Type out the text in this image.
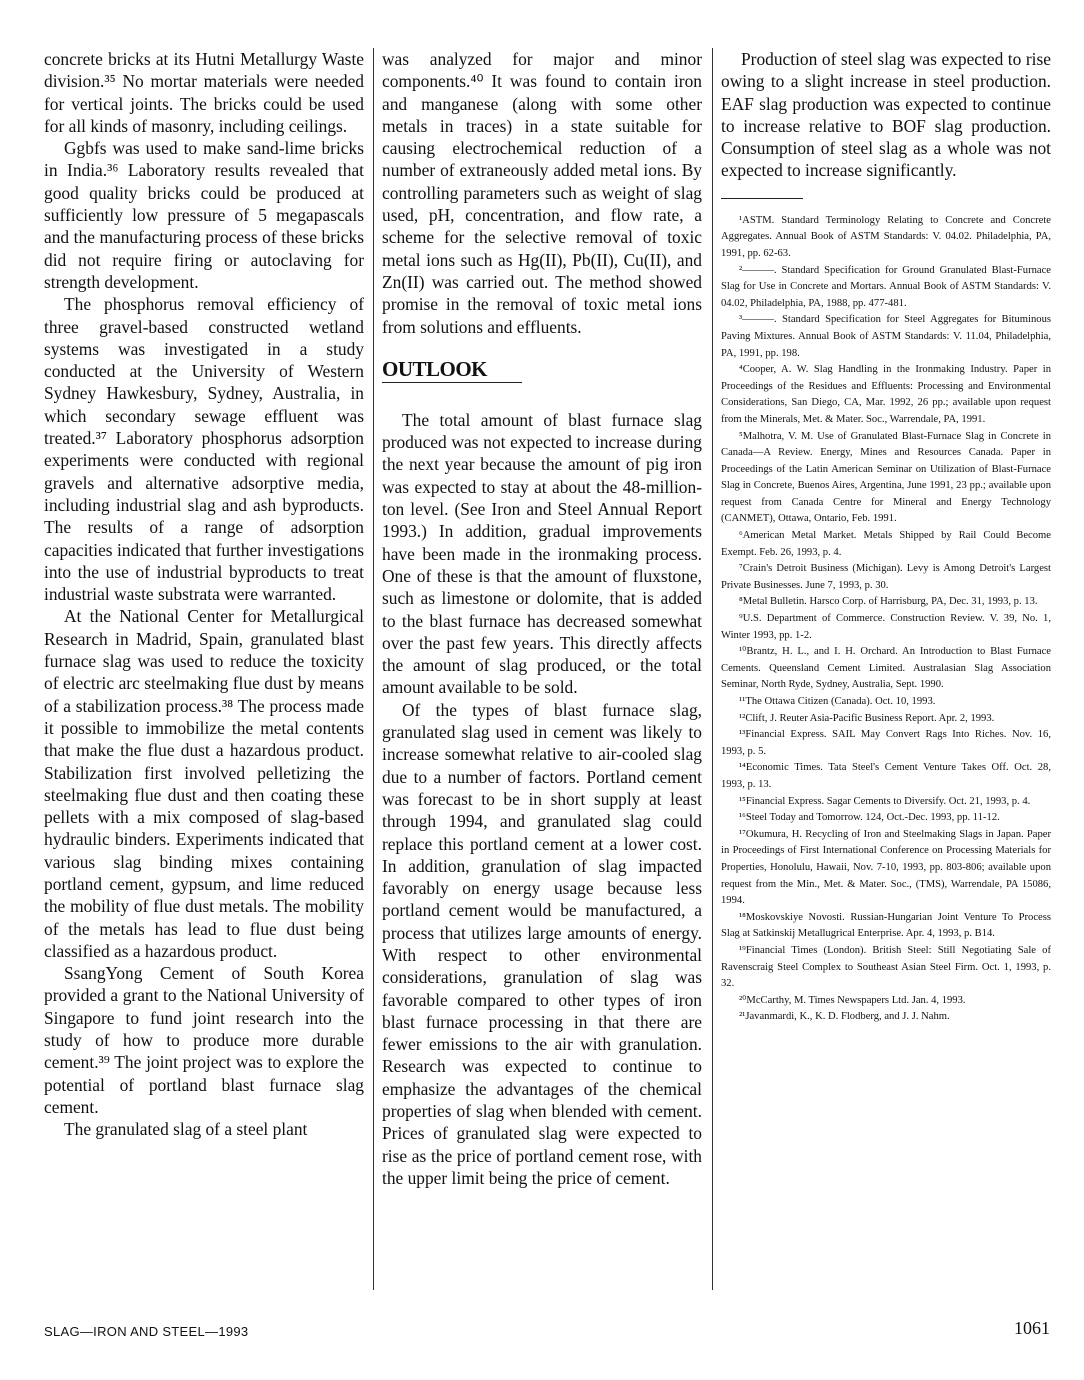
concrete bricks at its Hutni Metallurgy Waste division.³⁵ No mortar materials were needed for vertical joints. The bricks could be used for all kinds of masonry, including ceilings.

Ggbfs was used to make sand-lime bricks in India.³⁶ Laboratory results revealed that good quality bricks could be produced at sufficiently low pressure of 5 megapascals and the manufacturing process of these bricks did not require firing or autoclaving for strength development.

The phosphorus removal efficiency of three gravel-based constructed wetland systems was investigated in a study conducted at the University of Western Sydney Hawkesbury, Sydney, Australia, in which secondary sewage effluent was treated.³⁷ Laboratory phosphorus adsorption experiments were conducted with regional gravels and alternative adsorptive media, including industrial slag and ash byproducts. The results of a range of adsorption capacities indicated that further investigations into the use of industrial byproducts to treat industrial waste substrata were warranted.

At the National Center for Metallurgical Research in Madrid, Spain, granulated blast furnace slag was used to reduce the toxicity of electric arc steelmaking flue dust by means of a stabilization process.³⁸ The process made it possible to immobilize the metal contents that make the flue dust a hazardous product. Stabilization first involved pelletizing the steelmaking flue dust and then coating these pellets with a mix composed of slag-based hydraulic binders. Experiments indicated that various slag binding mixes containing portland cement, gypsum, and lime reduced the mobility of flue dust metals. The mobility of the metals has lead to flue dust being classified as a hazardous product.

SsangYong Cement of South Korea provided a grant to the National University of Singapore to fund joint research into the study of how to produce more durable cement.³⁹ The joint project was to explore the potential of portland blast furnace slag cement.

The granulated slag of a steel plant

was analyzed for major and minor components.⁴⁰ It was found to contain iron and manganese (along with some other metals in traces) in a state suitable for causing electrochemical reduction of a number of extraneously added metal ions. By controlling parameters such as weight of slag used, pH, concentration, and flow rate, a scheme for the selective removal of toxic metal ions such as Hg(II), Pb(II), Cu(II), and Zn(II) was carried out. The method showed promise in the removal of toxic metal ions from solutions and effluents.

OUTLOOK

The total amount of blast furnace slag produced was not expected to increase during the next year because the amount of pig iron was expected to stay at about the 48-million-ton level. (See Iron and Steel Annual Report 1993.) In addition, gradual improvements have been made in the ironmaking process. One of these is that the amount of fluxstone, such as limestone or dolomite, that is added to the blast furnace has decreased somewhat over the past few years. This directly affects the amount of slag produced, or the total amount available to be sold.

Of the types of blast furnace slag, granulated slag used in cement was likely to increase somewhat relative to air-cooled slag due to a number of factors. Portland cement was forecast to be in short supply at least through 1994, and granulated slag could replace this portland cement at a lower cost. In addition, granulation of slag impacted favorably on energy usage because less portland cement would be manufactured, a process that utilizes large amounts of energy. With respect to other environmental considerations, granulation of slag was favorable compared to other types of iron blast furnace processing in that there are fewer emissions to the air with granulation. Research was expected to continue to emphasize the advantages of the chemical properties of slag when blended with cement. Prices of granulated slag were expected to rise as the price of portland cement rose, with the upper limit being the price of cement.

Production of steel slag was expected to rise owing to a slight increase in steel production. EAF slag production was expected to continue to increase relative to BOF slag production. Consumption of steel slag as a whole was not expected to increase significantly.

¹ASTM. Standard Terminology Relating to Concrete and Concrete Aggregates. Annual Book of ASTM Standards: V. 04.02. Philadelphia, PA, 1991, pp. 62-63.

²———. Standard Specification for Ground Granulated Blast-Furnace Slag for Use in Concrete and Mortars. Annual Book of ASTM Standards: V. 04.02, Philadelphia, PA, 1988, pp. 477-481.

³———. Standard Specification for Steel Aggregates for Bituminous Paving Mixtures. Annual Book of ASTM Standards: V. 11.04, Philadelphia, PA, 1991, pp. 198.

⁴Cooper, A. W. Slag Handling in the Ironmaking Industry. Paper in Proceedings of the Residues and Effluents: Processing and Environmental Considerations, San Diego, CA, Mar. 1992, 26 pp.; available upon request from the Minerals, Met. & Mater. Soc., Warrendale, PA, 1991.

⁵Malhotra, V. M. Use of Granulated Blast-Furnace Slag in Concrete in Canada—A Review. Energy, Mines and Resources Canada. Paper in Proceedings of the Latin American Seminar on Utilization of Blast-Furnace Slag in Concrete, Buenos Aires, Argentina, June 1991, 23 pp.; available upon request from Canada Centre for Mineral and Energy Technology (CANMET), Ottawa, Ontario, Feb. 1991.

⁶American Metal Market. Metals Shipped by Rail Could Become Exempt. Feb. 26, 1993, p. 4.

⁷Crain's Detroit Business (Michigan). Levy is Among Detroit's Largest Private Businesses. June 7, 1993, p. 30.

⁸Metal Bulletin. Harsco Corp. of Harrisburg, PA, Dec. 31, 1993, p. 13.

⁹U.S. Department of Commerce. Construction Review. V. 39, No. 1, Winter 1993, pp. 1-2.

¹⁰Brantz, H. L., and I. H. Orchard. An Introduction to Blast Furnace Cements. Queensland Cement Limited. Australasian Slag Association Seminar, North Ryde, Sydney, Australia, Sept. 1990.

¹¹The Ottawa Citizen (Canada). Oct. 10, 1993.

¹²Clift, J. Reuter Asia-Pacific Business Report. Apr. 2, 1993.

¹³Financial Express. SAIL May Convert Rags Into Riches. Nov. 16, 1993, p. 5.

¹⁴Economic Times. Tata Steel's Cement Venture Takes Off. Oct. 28, 1993, p. 13.

¹⁵Financial Express. Sagar Cements to Diversify. Oct. 21, 1993, p. 4.

¹⁶Steel Today and Tomorrow. 124, Oct.-Dec. 1993, pp. 11-12.

¹⁷Okumura, H. Recycling of Iron and Steelmaking Slags in Japan. Paper in Proceedings of First International Conference on Processing Materials for Properties, Honolulu, Hawaii, Nov. 7-10, 1993, pp. 803-806; available upon request from the Min., Met. & Mater. Soc., (TMS), Warrendale, PA 15086, 1994.

¹⁸Moskovskiye Novosti. Russian-Hungarian Joint Venture To Process Slag at Satkinskij Metallugrical Enterprise. Apr. 4, 1993, p. B14.

¹⁹Financial Times (London). British Steel: Still Negotiating Sale of Ravenscraig Steel Complex to Southeast Asian Steel Firm. Oct. 1, 1993, p. 32.

²⁰McCarthy, M. Times Newspapers Ltd. Jan. 4, 1993.

²¹Javanmardi, K., K. D. Flodberg, and J. J. Nahm.

SLAG—IRON AND STEEL—1993	1061
